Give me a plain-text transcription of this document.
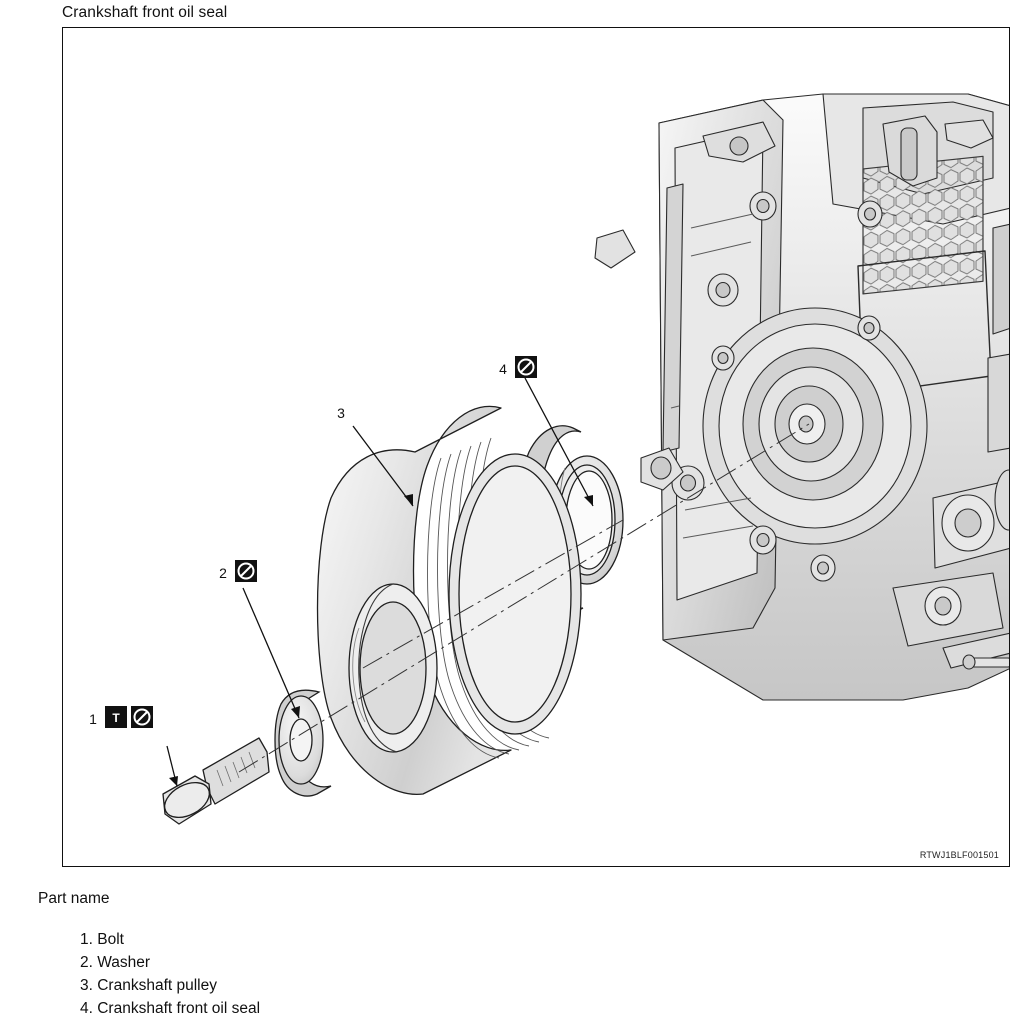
Crankshaft front oil seal
3
4
2
1 T
RTWJ1BLF001501
Part name
1. Bolt
2. Washer
3. Crankshaft pulley
4. Crankshaft front oil seal
